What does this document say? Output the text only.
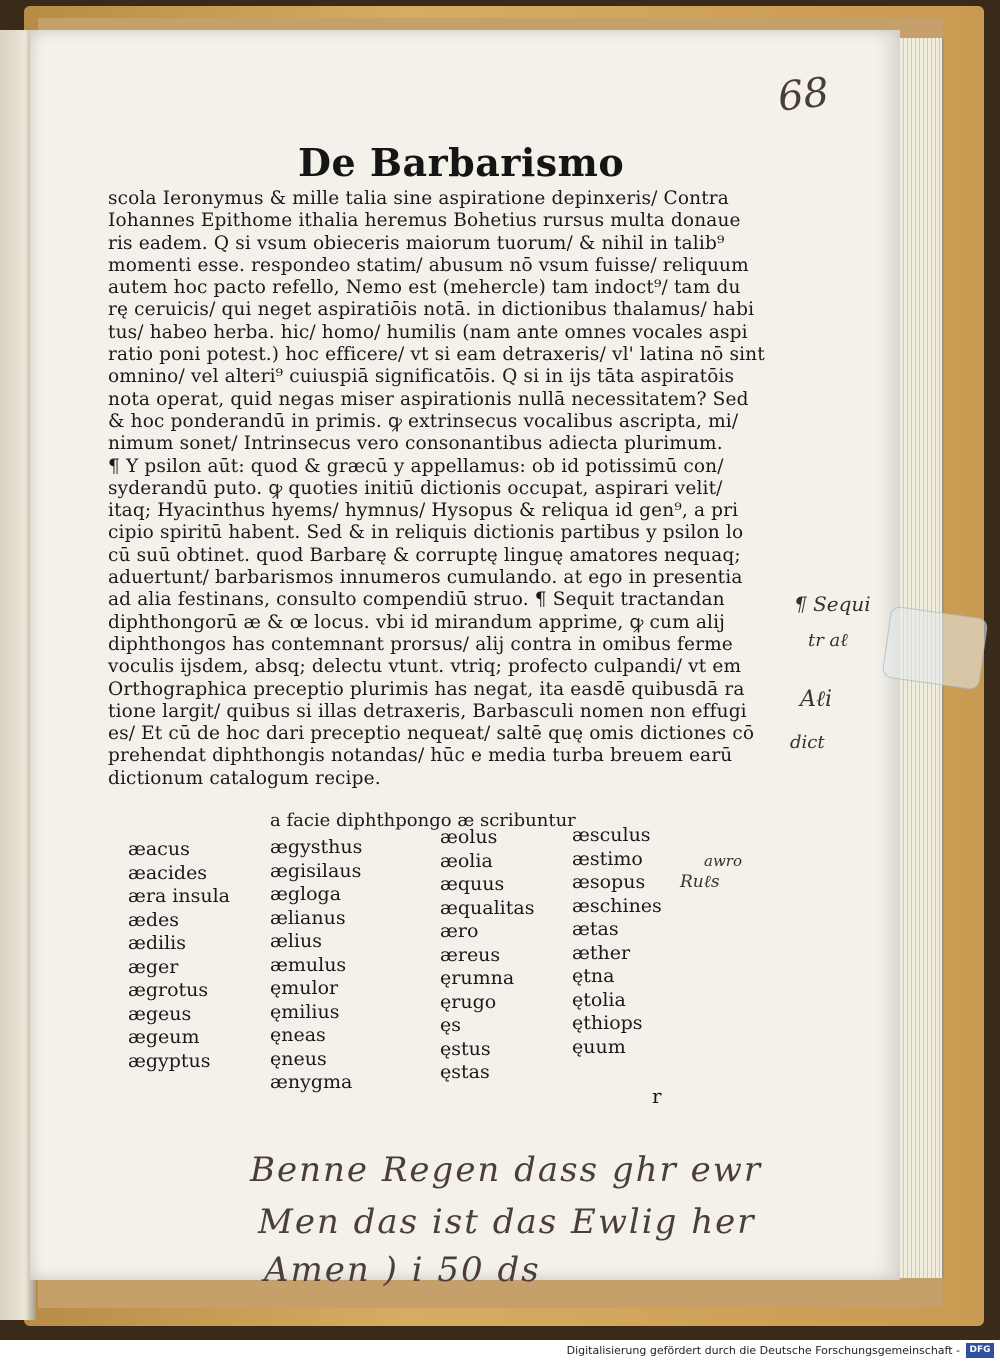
68
De Barbarismo
scola Ieronymus & mille talia sine aspiratione depinxeris/ Contra
Iohannes Epithome ithalia heremus Bohetius rursus multa donaue
ris eadem. Q si vsum obieceris maiorum tuorum/ & nihil in talib⁹
momenti esse. respondeo statim/ abusum nō vsum fuisse/ reliquum
autem hoc pacto refello, Nemo est (mehercle) tam indoct⁹/ tam du
rę ceruicis/ qui neget aspiratiōis notā. in dictionibus thalamus/ habi
tus/ habeo herba. hic/ homo/ humilis (nam ante omnes vocales aspi
ratio poni potest.) hoc efficere/ vt si eam detraxeris/ vl' latina nō sint
omnino/ vel alteri⁹ cuiuspiā significatōis. Q si in ijs tāta aspiratōis
nota operat, quid negas miser aspirationis nullā necessitatem? Sed
& hoc ponderandū in primis. ꝙ extrinsecus vocalibus ascripta, mi/
nimum sonet/ Intrinsecus vero consonantibus adiecta plurimum.
¶ Y psilon aūt: quod & græcū y appellamus: ob id potissimū con/
syderandū puto. ꝙ quoties initiū dictionis occupat, aspirari velit/
itaq; Hyacinthus hyems/ hymnus/ Hysopus & reliqua id gen⁹, a pri
cipio spiritū habent. Sed & in reliquis dictionis partibus y psilon lo
cū suū obtinet. quod Barbarę & corruptę linguę amatores nequaq;
aduertunt/ barbarismos innumeros cumulando. at ego in presentia
ad alia festinans, consulto compendiū struo. ¶ Sequit tractandan
diphthongorū æ & œ locus. vbi id mirandum apprime, ꝙ cum alij
diphthongos has contemnant prorsus/ alij contra in omibus ferme
voculis ijsdem, absq; delectu vtunt. vtriq; profecto culpandi/ vt em
Orthographica preceptio plurimis has negat, ita easdē quibusdā ra
tione largit/ quibus si illas detraxeris, Barbasculi nomen non effugi
es/ Et cū de hoc dari preceptio nequeat/ saltē quę omis dictiones cō
prehendat diphthongis notandas/ hūc e media turba breuem earū
dictionum catalogum recipe.
a facie diphthpongo æ scribuntur
æacus
æacides
æra insula
ædes
ædilis
æger
ægrotus
ægeus
ægeum
ægyptus
ægysthus
ægisilaus
ægloga
ælianus
ælius
æmulus
ęmulor
ęmilius
ęneas
ęneus
ænygma
æolus
æolia
æquus
æqualitas
æro
æreus
ęrumna
ęrugo
ęs
ęstus
ęstas
æsculus
æstimo
æsopus
æschines
ætas
æther
ętna
ętolia
ęthiops
ęuum
r
¶ Sequi
tr aℓ
Aℓi
dict
awro
Ruℓs
Benne Regen dass ghr ewr
Men das ist das Ewlig her
Amen ) i 50 ds
Digitalisierung gefördert durch die Deutsche Forschungsgemeinschaft -	DFG
